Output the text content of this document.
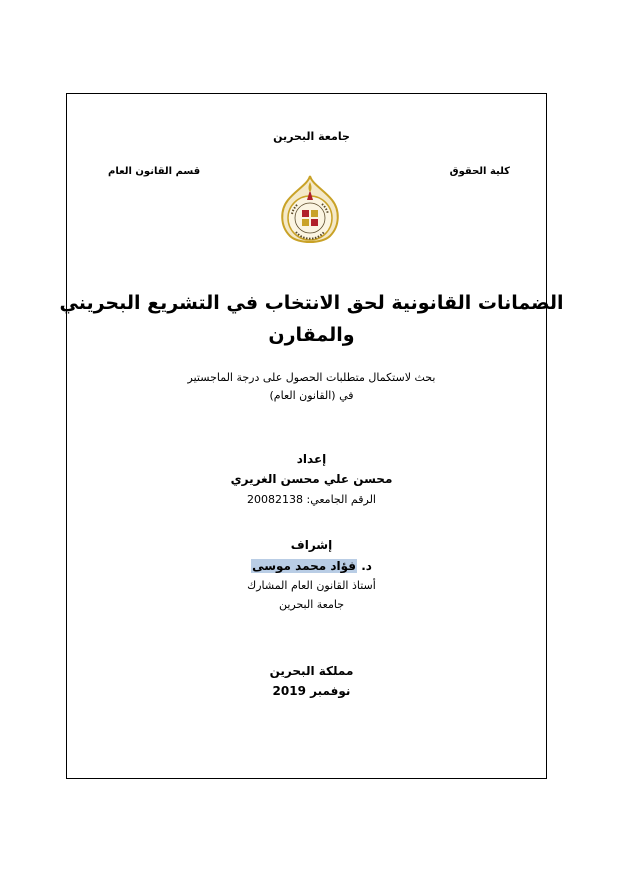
جامعة البحرين
كلية الحقوق
قسم القانون العام
الضمانات القانونية لحق الانتخاب في التشريع البحريني
والمقارن
بحث لاستكمال متطلبات الحصول على درجة الماجستير
في (القانون العام)
إعداد
محسن علي محسن الغريري
الرقم الجامعي: 20082138
إشراف
د. فؤاد محمد موسى
أستاذ القانون العام المشارك
جامعة البحرين
مملكة البحرين
نوفمبر 2019
